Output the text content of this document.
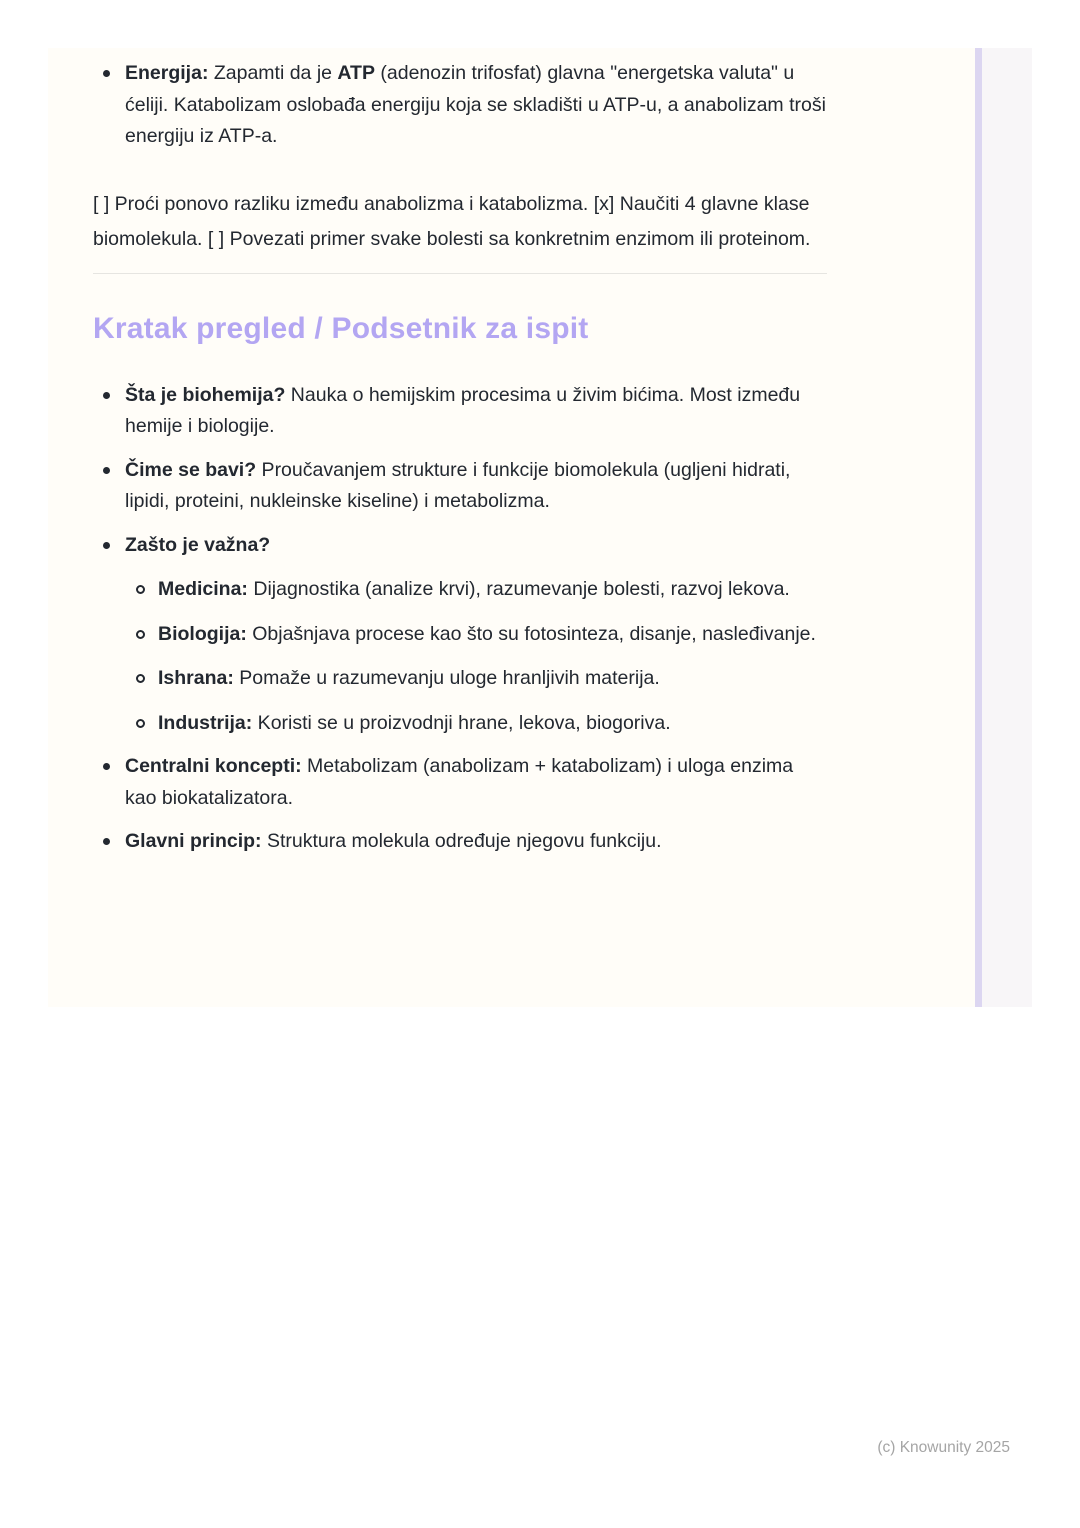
Energija: Zapamti da je ATP (adenozin trifosfat) glavna "energetska valuta" u ćeliji. Katabolizam oslobađa energiju koja se skladišti u ATP-u, a anabolizam troši energiju iz ATP-a.

[ ] Proći ponovo razliku između anabolizma i katabolizma. [x] Naučiti 4 glavne klase biomolekula. [ ] Povezati primer svake bolesti sa konkretnim enzimom ili proteinom.

Kratak pregled / Podsetnik za ispit
Šta je biohemija? Nauka o hemijskim procesima u živim bićima. Most između hemije i biologije.
Čime se bavi? Proučavanjem strukture i funkcije biomolekula (ugljeni hidrati, lipidi, proteini, nukleinske kiseline) i metabolizma.
Zašto je važna?
Medicina: Dijagnostika (analize krvi), razumevanje bolesti, razvoj lekova.
Biologija: Objašnjava procese kao što su fotosinteza, disanje, nasleđivanje.
Ishrana: Pomaže u razumevanju uloge hranljivih materija.
Industrija: Koristi se u proizvodnji hrane, lekova, biogoriva.
Centralni koncepti: Metabolizam (anabolizam + katabolizam) i uloga enzima kao biokatalizatora.
Glavni princip: Struktura molekula određuje njegovu funkciju.
(c) Knowunity 2025
